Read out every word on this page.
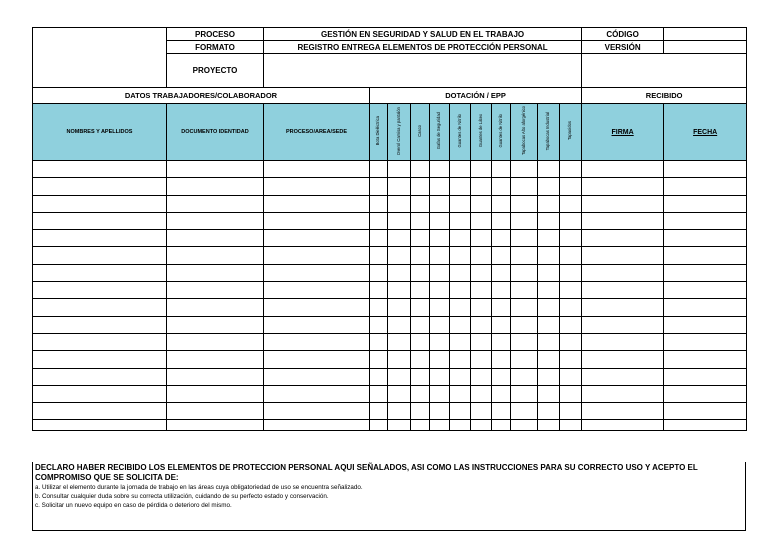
	PROCESO	GESTIÓN EN SEGURIDAD Y SALUD EN EL TRABAJO											CÓDIGO	
	FORMATO	REGISTRO ENTREGA ELEMENTOS DE PROTECCIÓN PERSONAL											VERSIÓN	
	PROYECTO													
DATOS TRABAJADORES/COLABORADOR			DOTACIÓN / EPP										RECIBIDO	
NOMBRES Y APELLIDOS	DOCUMENTO IDENTIDAD	PROCESO/AREA/SEDE	Bota Dieléctrica	Overol Camisa y pantalón	Casco	Gafas de Seguridad	Guantes de Nitrilo	Guantes de Látex	Guantes de Nitrilo	Tapabocas Alto aforgénico	Tapabocas Industrial	Tapaoidos	FIRMA	FECHA

DECLARO HABER RECIBIDO LOS ELEMENTOS DE PROTECCION PERSONAL AQUI SEÑALADOS, ASI COMO LAS INSTRUCCIONES PARA SU CORRECTO USO Y ACEPTO EL COMPROMISO QUE SE SOLICITA DE:
a. Utilizar el elemento durante la jornada de trabajo en las áreas cuya obligatoriedad de uso se encuentra señalizado.
b. Consultar cualquier duda sobre su correcta utilización, cuidando de su perfecto estado y conservación.
c. Solicitar un nuevo equipo en caso de pérdida o deterioro del mismo.
